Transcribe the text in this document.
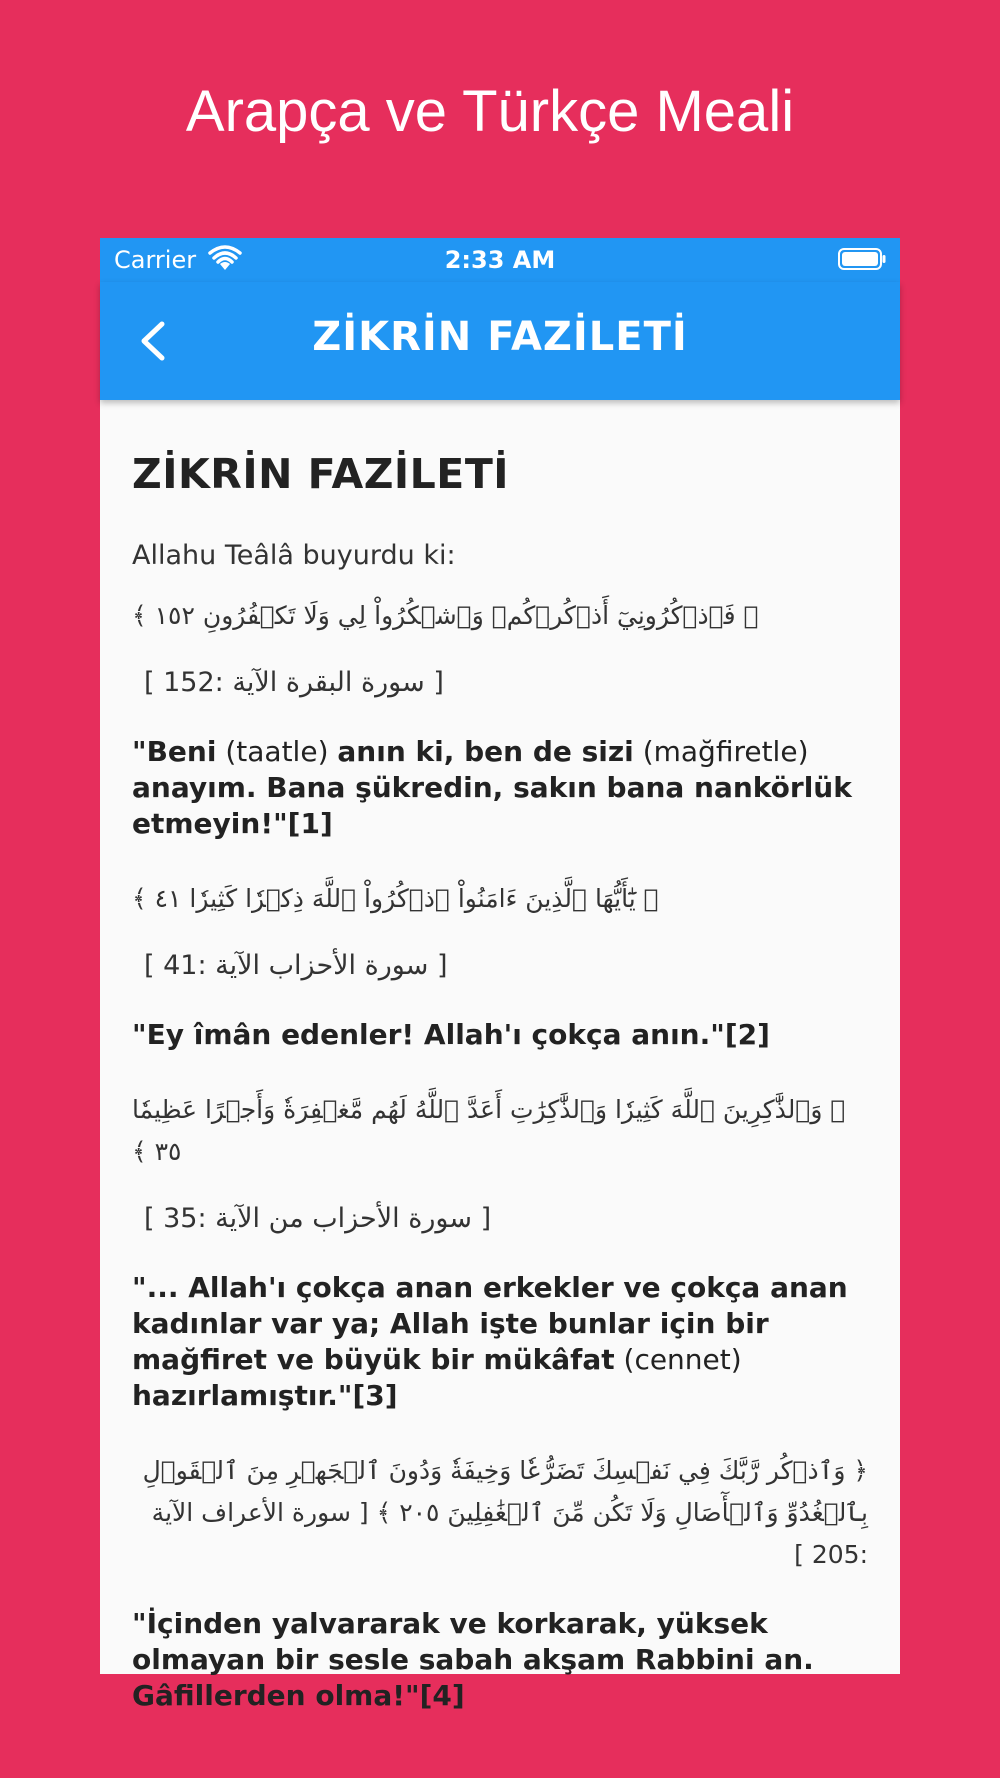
Arapça ve Türkçe Meali
Carrier	2:33 AM
ZİKRİN FAZİLETİ
ZİKRİN FAZİLETİ

Allahu Teâlâ buyurdu ki:

﴿ فَٱذۡكُرُونِيٓ أَذۡكُرۡكُمۡ وَٱشۡكُرُواْ لِي وَلَا تَكۡفُرُونِ ١٥٢ ﴾

[ سورة البقرة الآية :152 ]

"Beni (taatle) anın ki, ben de sizi (mağfiretle) anayım. Bana şükredin, sakın bana nankörlük etmeyin!"[1]

﴿ يَٰٓأَيُّهَا ٱلَّذِينَ ءَامَنُواْ ٱذۡكُرُواْ ٱللَّهَ ذِكۡرٗا كَثِيرٗا ٤١ ﴾

[ سورة الأحزاب الآية :41 ]

"Ey îmân edenler! Allah'ı çokça anın."[2]

﴿ وَٱلذَّٰكِرِينَ ٱللَّهَ كَثِيرٗا وَٱلذَّٰكِرَٰتِ أَعَدَّ ٱللَّهُ لَهُم مَّغۡفِرَةٗ وَأَجۡرًا عَظِيمٗا ٣٥ ﴾

[ سورة الأحزاب من الآية :35 ]

"... Allah'ı çokça anan erkekler ve çokça anan kadınlar var ya; Allah işte bunlar için bir mağfiret ve büyük bir mükâfat (cennet) hazırlamıştır."[3]

﴿ وَٱذۡكُر رَّبَّكَ فِي نَفۡسِكَ تَضَرُّعٗا وَخِيفَةٗ وَدُونَ ٱلۡجَهۡرِ مِنَ ٱلۡقَوۡلِ بِٱلۡغُدُوِّ وَٱلۡأٓصَالِ وَلَا تَكُن مِّنَ ٱلۡغَٰفِلِينَ ٢٠٥ ﴾ [ سورة الأعراف الآية :205 ]

"İçinden yalvararak ve korkarak, yüksek olmayan bir sesle sabah akşam Rabbini an. Gâfillerden olma!"[4]
